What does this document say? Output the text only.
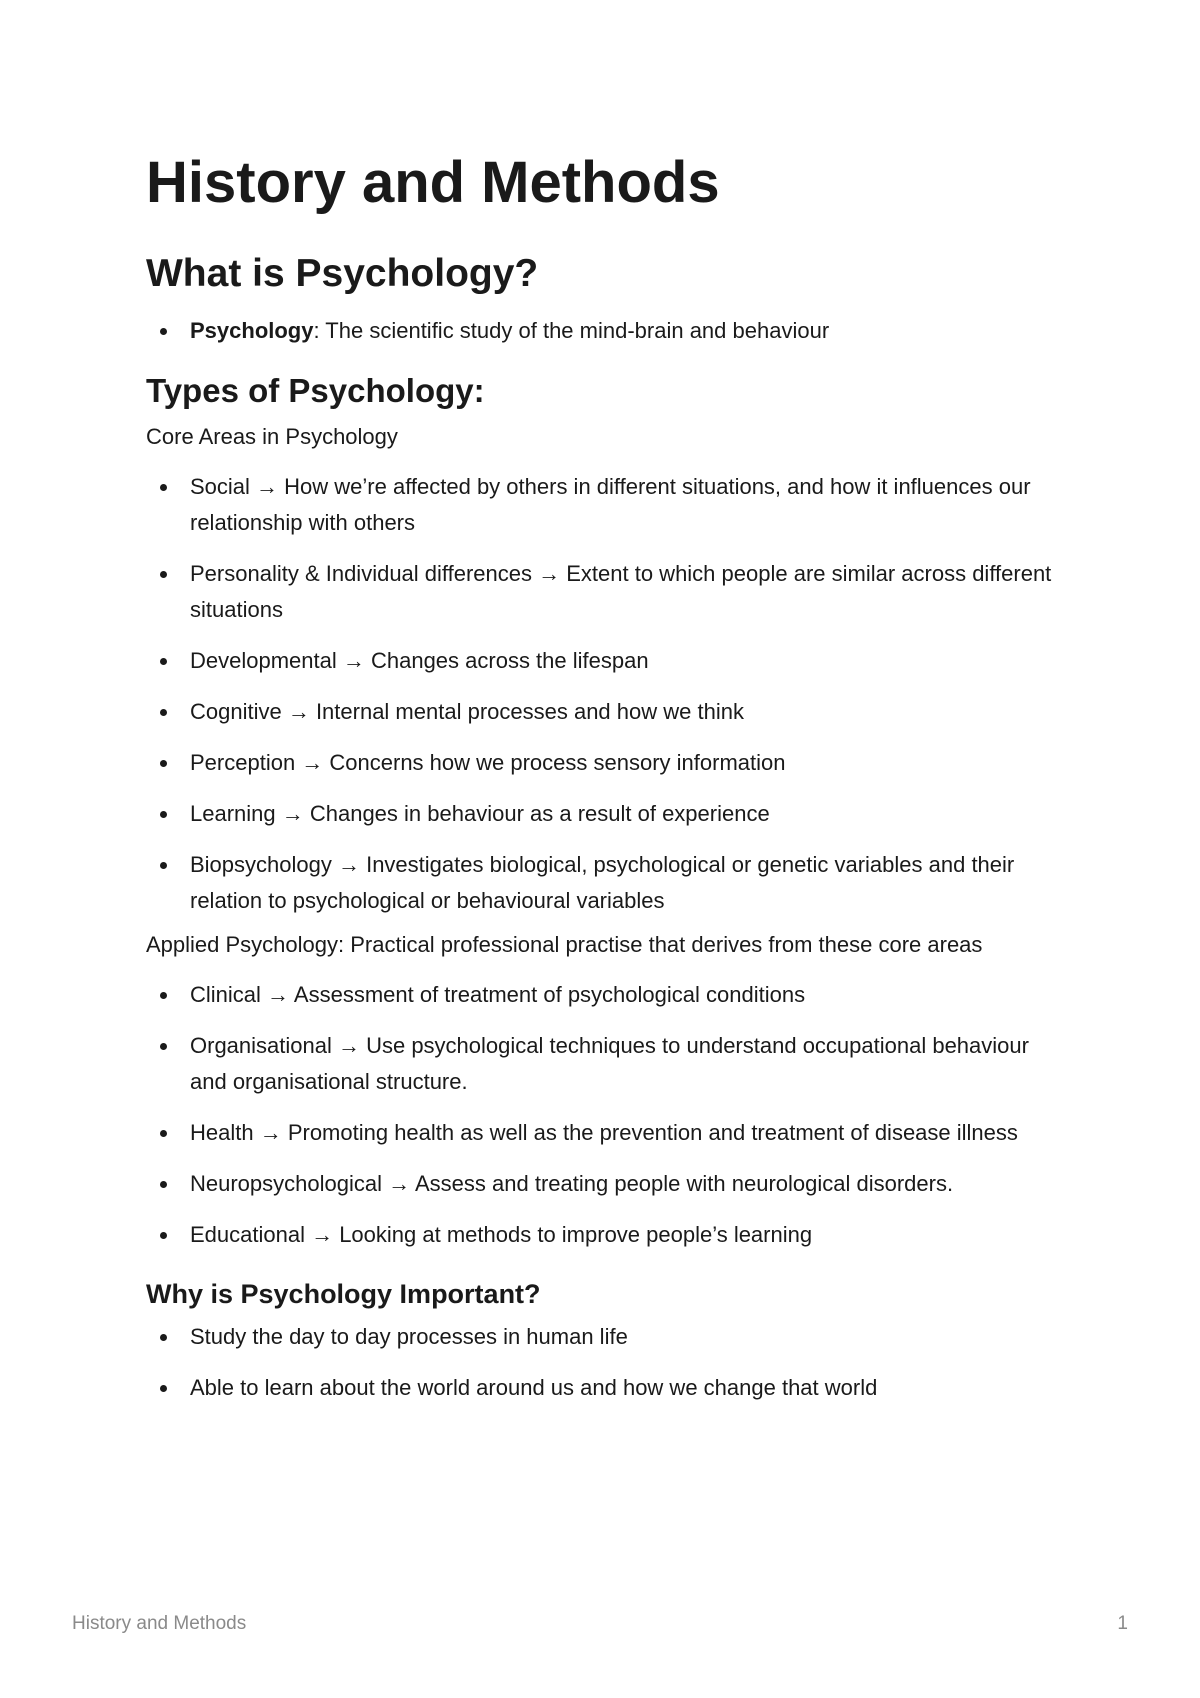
History and Methods
What is Psychology?
Psychology: The scientific study of the mind-brain and behaviour
Types of Psychology:

Core Areas in Psychology

Social → How we’re affected by others in different situations, and how it influences our relationship with others
Personality & Individual differences → Extent to which people are similar across different situations
Developmental → Changes across the lifespan
Cognitive → Internal mental processes and how we think
Perception → Concerns how we process sensory information
Learning → Changes in behaviour as a result of experience
Biopsychology → Investigates biological, psychological or genetic variables and their relation to psychological or behavioural variables

Applied Psychology: Practical professional practise that derives from these core areas

Clinical → Assessment of treatment of psychological conditions
Organisational → Use psychological techniques to understand occupational behaviour and organisational structure.
Health → Promoting health as well as the prevention and treatment of disease illness
Neuropsychological → Assess and treating people with neurological disorders.
Educational → Looking at methods to improve people’s learning
Why is Psychology Important?
Study the day to day processes in human life
Able to learn about the world around us and how we change that world
History and Methods	1
